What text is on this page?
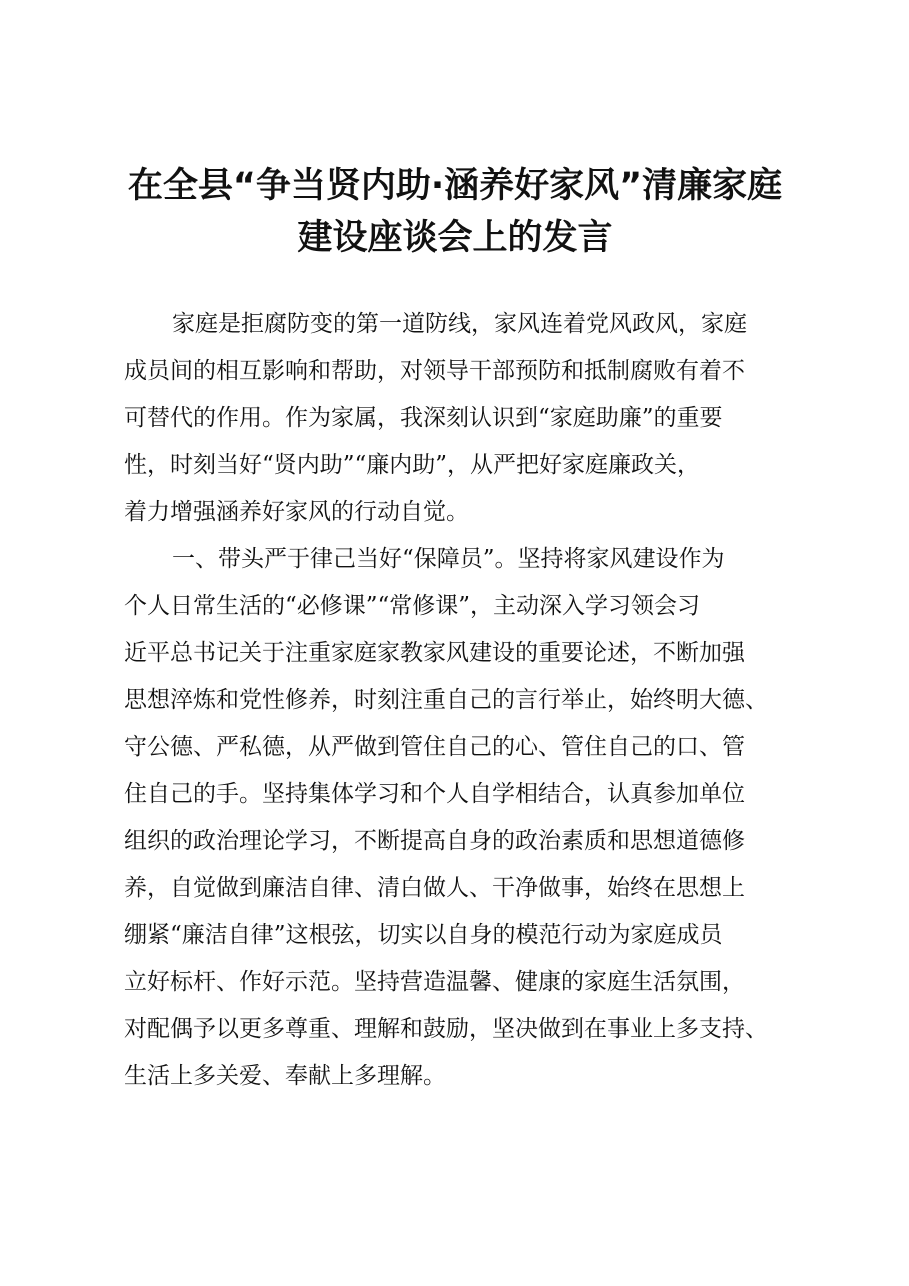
在全县“争当贤内助·涵养好家风”清廉家庭
建设座谈会上的发言
家庭是拒腐防变的第一道防线，家风连着党风政风，家庭
成员间的相互影响和帮助，对领导干部预防和抵制腐败有着不
可替代的作用。作为家属，我深刻认识到“家庭助廉”的重要
性，时刻当好“贤内助”“廉内助”，从严把好家庭廉政关，
着力增强涵养好家风的行动自觉。
一、带头严于律己当好“保障员”。坚持将家风建设作为
个人日常生活的“必修课”“常修课”，主动深入学习领会习
近平总书记关于注重家庭家教家风建设的重要论述，不断加强
思想淬炼和党性修养，时刻注重自己的言行举止，始终明大德、
守公德、严私德，从严做到管住自己的心、管住自己的口、管
住自己的手。坚持集体学习和个人自学相结合，认真参加单位
组织的政治理论学习，不断提高自身的政治素质和思想道德修
养，自觉做到廉洁自律、清白做人、干净做事，始终在思想上
绷紧“廉洁自律”这根弦，切实以自身的模范行动为家庭成员
立好标杆、作好示范。坚持营造温馨、健康的家庭生活氛围，
对配偶予以更多尊重、理解和鼓励，坚决做到在事业上多支持、
生活上多关爱、奉献上多理解。
